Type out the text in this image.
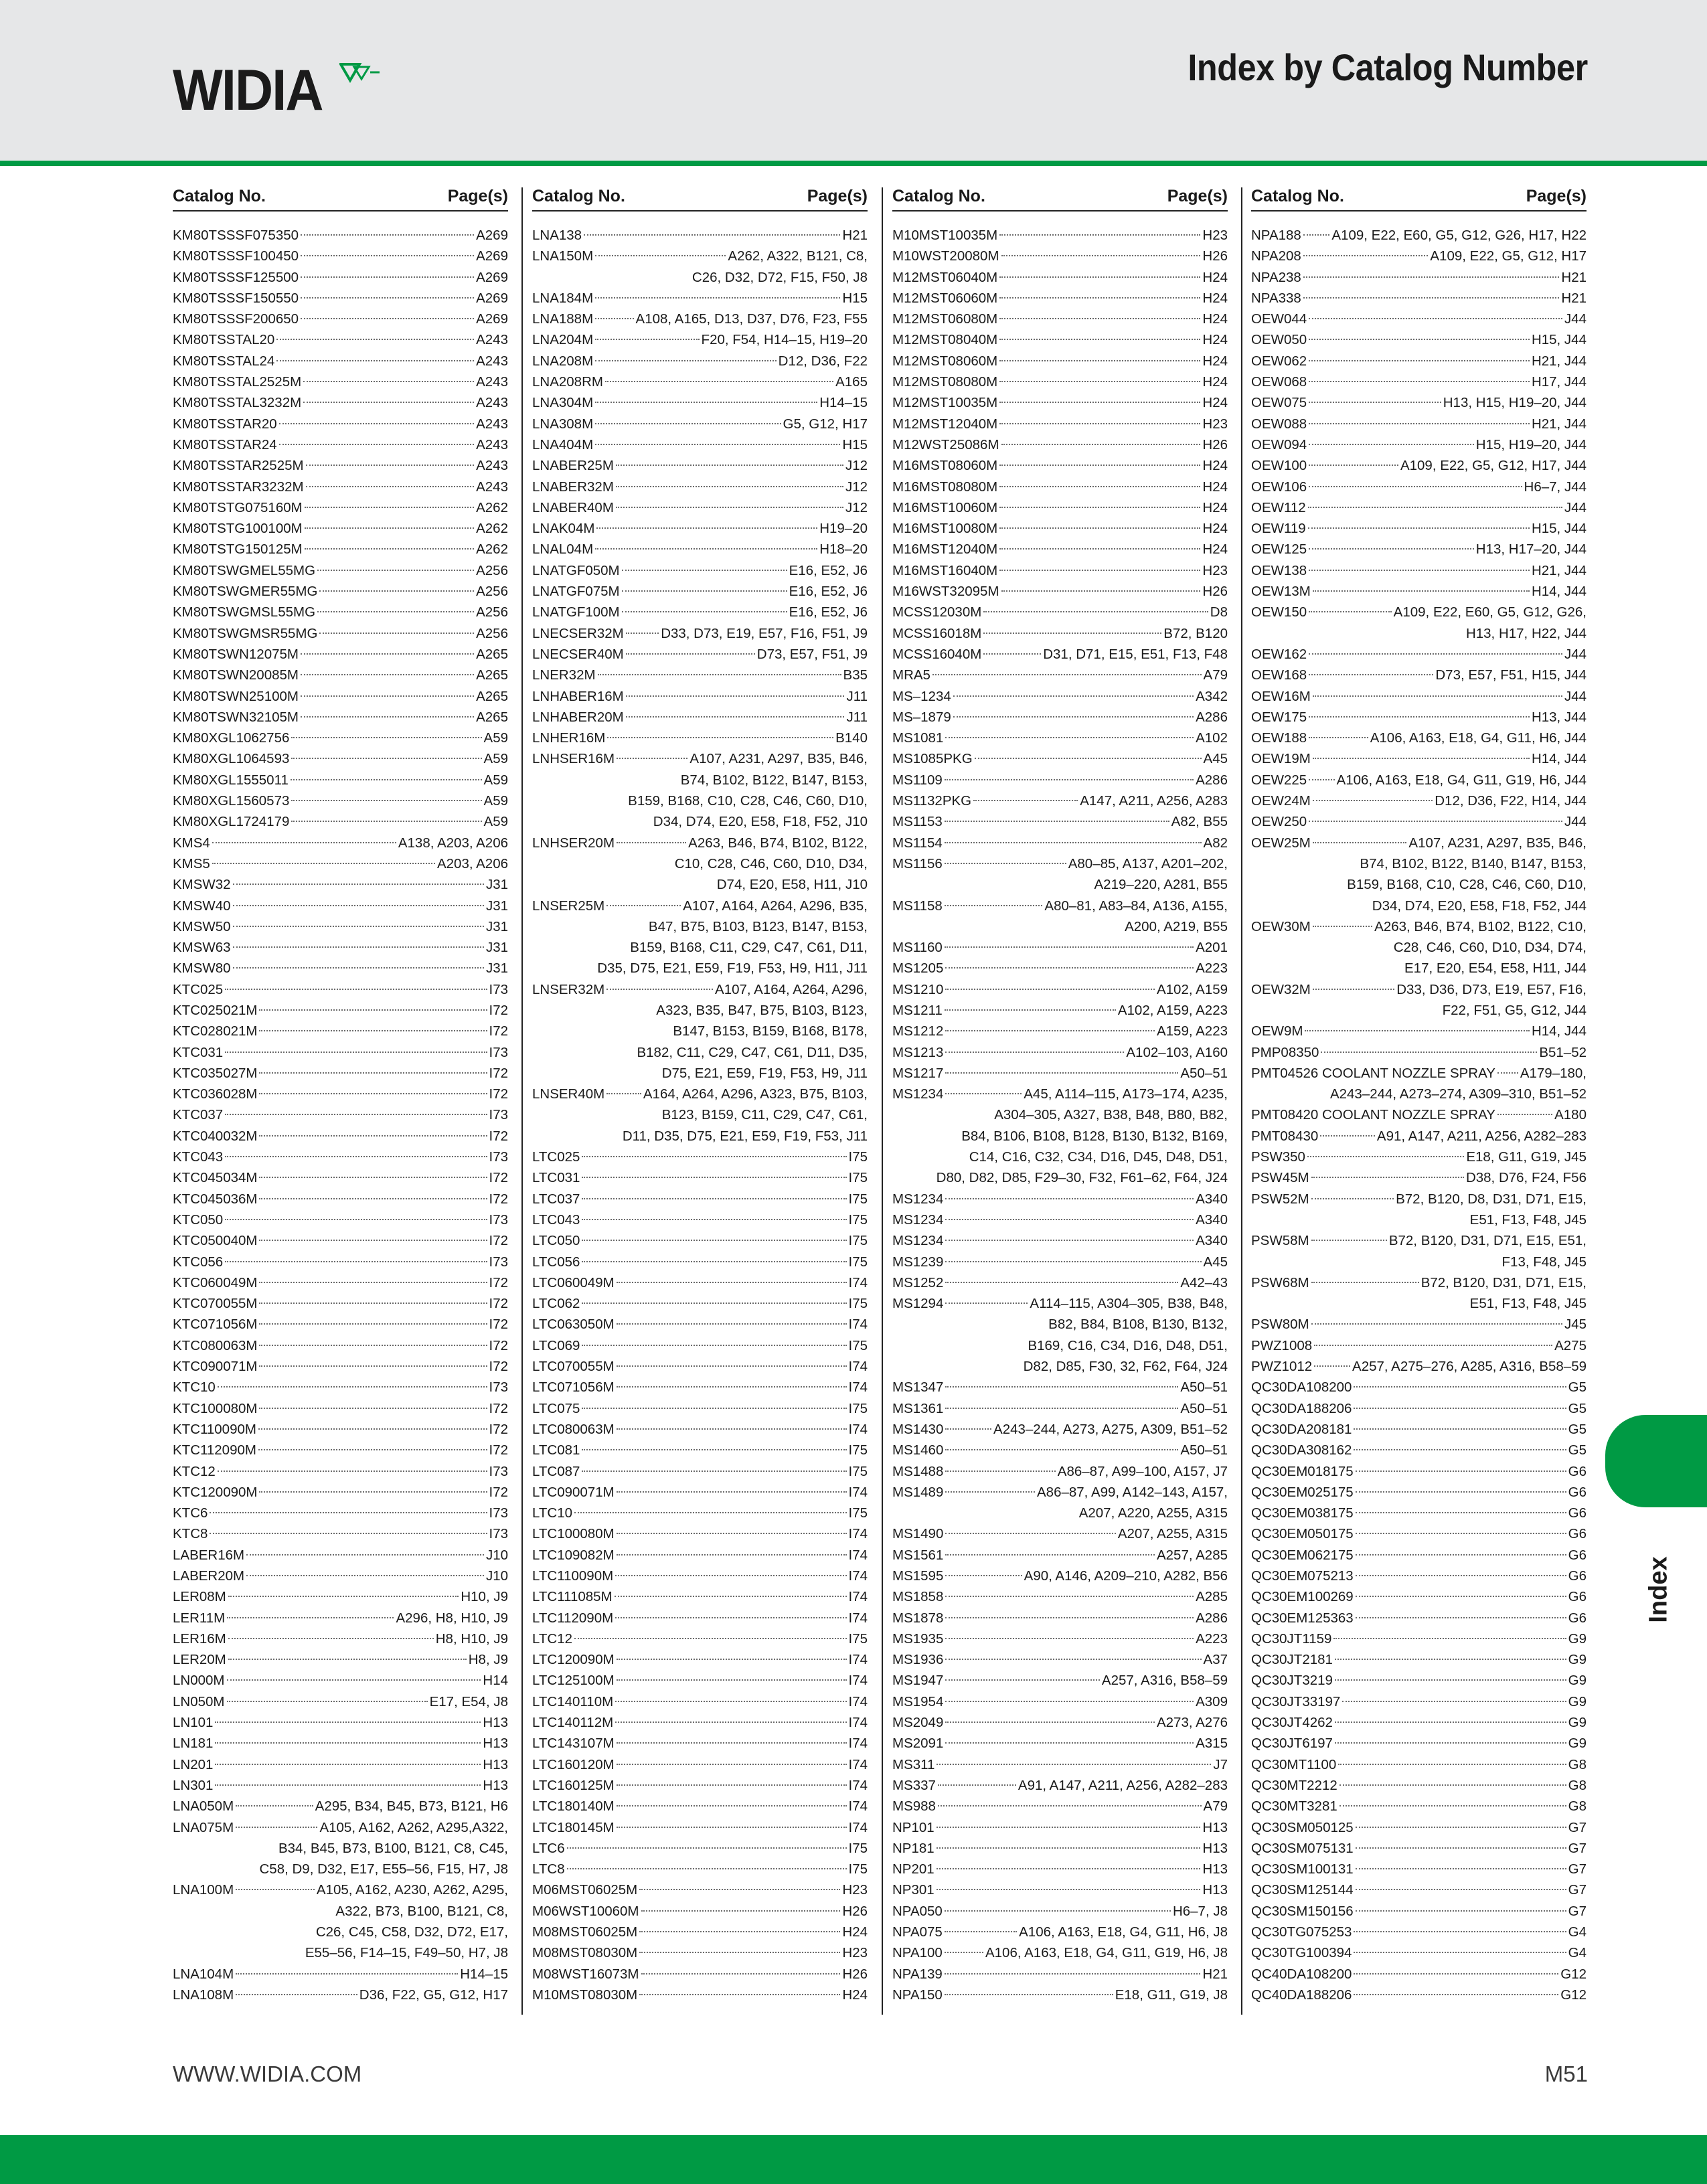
WIDIA	Index by Catalog Number
Catalog No.	Page(s)
KM80TSSSF075350	A269
KM80TSSSF100450	A269
KM80TSSSF125500	A269
KM80TSSSF150550	A269
KM80TSSSF200650	A269
KM80TSSTAL20	A243
KM80TSSTAL24	A243
KM80TSSTAL2525M	A243
KM80TSSTAL3232M	A243
KM80TSSTAR20	A243
KM80TSSTAR24	A243
KM80TSSTAR2525M	A243
KM80TSSTAR3232M	A243
KM80TSTG075160M	A262
KM80TSTG100100M	A262
KM80TSTG150125M	A262
KM80TSWGMEL55MG	A256
KM80TSWGMER55MG	A256
KM80TSWGMSL55MG	A256
KM80TSWGMSR55MG	A256
KM80TSWN12075M	A265
KM80TSWN20085M	A265
KM80TSWN25100M	A265
KM80TSWN32105M	A265
KM80XGL1062756	A59
KM80XGL1064593	A59
KM80XGL1555011	A59
KM80XGL1560573	A59
KM80XGL1724179	A59
KMS4	A138, A203, A206
KMS5	A203, A206
KMSW32	J31
KMSW40	J31
KMSW50	J31
KMSW63	J31
KMSW80	J31
KTC025	I73
KTC025021M	I72
KTC028021M	I72
KTC031	I73
KTC035027M	I72
KTC036028M	I72
KTC037	I73
KTC040032M	I72
KTC043	I73
KTC045034M	I72
KTC045036M	I72
KTC050	I73
KTC050040M	I72
KTC056	I73
KTC060049M	I72
KTC070055M	I72
KTC071056M	I72
KTC080063M	I72
KTC090071M	I72
KTC10	I73
KTC100080M	I72
KTC110090M	I72
KTC112090M	I72
KTC12	I73
KTC120090M	I72
KTC6	I73
KTC8	I73
LABER16M	J10
LABER20M	J10
LER08M	H10, J9
LER11M	A296, H8, H10, J9
LER16M	H8, H10, J9
LER20M	H8, J9
LN000M	H14
LN050M	E17, E54, J8
LN101	H13
LN181	H13
LN201	H13
LN301	H13
LNA050M	A295, B34, B45, B73, B121, H6
LNA075M	A105, A162, A262, A295,A322,
B34, B45, B73, B100, B121, C8, C45,
C58, D9, D32, E17, E55–56, F15, H7, J8
LNA100M	A105, A162, A230, A262, A295,
A322, B73, B100, B121, C8,
C26, C45, C58, D32, D72, E17,
E55–56, F14–15, F49–50, H7, J8
LNA104M	H14–15
LNA108M	D36, F22, G5, G12, H17
Catalog No.	Page(s)
LNA138	H21
LNA150M	A262, A322, B121, C8,
C26, D32, D72, F15, F50, J8
LNA184M	H15
LNA188M	A108, A165, D13, D37, D76, F23, F55
LNA204M	F20, F54, H14–15, H19–20
LNA208M	D12, D36, F22
LNA208RM	A165
LNA304M	H14–15
LNA308M	G5, G12, H17
LNA404M	H15
LNABER25M	J12
LNABER32M	J12
LNABER40M	J12
LNAK04M	H19–20
LNAL04M	H18–20
LNATGF050M	E16, E52, J6
LNATGF075M	E16, E52, J6
LNATGF100M	E16, E52, J6
LNECSER32M	D33, D73, E19, E57, F16, F51, J9
LNECSER40M	D73, E57, F51, J9
LNER32M	B35
LNHABER16M	J11
LNHABER20M	J11
LNHER16M	B140
LNHSER16M	A107, A231, A297, B35, B46,
B74, B102, B122, B147, B153,
B159, B168, C10, C28, C46, C60, D10,
D34, D74, E20, E58, F18, F52, J10
LNHSER20M	A263, B46, B74, B102, B122,
C10, C28, C46, C60, D10, D34,
D74, E20, E58, H11, J10
LNSER25M	A107, A164, A264, A296, B35,
B47, B75, B103, B123, B147, B153,
B159, B168, C11, C29, C47, C61, D11,
D35, D75, E21, E59, F19, F53, H9, H11, J11
LNSER32M	A107, A164, A264, A296,
A323, B35, B47, B75, B103, B123,
B147, B153, B159, B168, B178,
B182, C11, C29, C47, C61, D11, D35,
D75, E21, E59, F19, F53, H9, J11
LNSER40M	A164, A264, A296, A323, B75, B103,
B123, B159, C11, C29, C47, C61,
D11, D35, D75, E21, E59, F19, F53, J11
LTC025	I75
LTC031	I75
LTC037	I75
LTC043	I75
LTC050	I75
LTC056	I75
LTC060049M	I74
LTC062	I75
LTC063050M	I74
LTC069	I75
LTC070055M	I74
LTC071056M	I74
LTC075	I75
LTC080063M	I74
LTC081	I75
LTC087	I75
LTC090071M	I74
LTC10	I75
LTC100080M	I74
LTC109082M	I74
LTC110090M	I74
LTC111085M	I74
LTC112090M	I74
LTC12	I75
LTC120090M	I74
LTC125100M	I74
LTC140110M	I74
LTC140112M	I74
LTC143107M	I74
LTC160120M	I74
LTC160125M	I74
LTC180140M	I74
LTC180145M	I74
LTC6	I75
LTC8	I75
M06MST06025M	H23
M06WST10060M	H26
M08MST06025M	H24
M08MST08030M	H23
M08WST16073M	H26
M10MST08030M	H24
Catalog No.	Page(s)
M10MST10035M	H23
M10WST20080M	H26
M12MST06040M	H24
M12MST06060M	H24
M12MST06080M	H24
M12MST08040M	H24
M12MST08060M	H24
M12MST08080M	H24
M12MST10035M	H24
M12MST12040M	H23
M12WST25086M	H26
M16MST08060M	H24
M16MST08080M	H24
M16MST10060M	H24
M16MST10080M	H24
M16MST12040M	H24
M16MST16040M	H23
M16WST32095M	H26
MCSS12030M	D8
MCSS16018M	B72, B120
MCSS16040M	D31, D71, E15, E51, F13, F48
MRA5	A79
MS–1234	A342
MS–1879	A286
MS1081	A102
MS1085PKG	A45
MS1109	A286
MS1132PKG	A147, A211, A256, A283
MS1153	A82, B55
MS1154	A82
MS1156	A80–85, A137, A201–202,
A219–220, A281, B55
MS1158	A80–81, A83–84, A136, A155,
A200, A219, B55
MS1160	A201
MS1205	A223
MS1210	A102, A159
MS1211	A102, A159, A223
MS1212	A159, A223
MS1213	A102–103, A160
MS1217	A50–51
MS1234	A45, A114–115, A173–174, A235,
A304–305, A327, B38, B48, B80, B82,
B84, B106, B108, B128, B130, B132, B169,
C14, C16, C32, C34, D16, D45, D48, D51,
D80, D82, D85, F29–30, F32, F61–62, F64, J24
MS1234	A340
MS1234	A340
MS1234	A340
MS1239	A45
MS1252	A42–43
MS1294	A114–115, A304–305, B38, B48,
B82, B84, B108, B130, B132,
B169, C16, C34, D16, D48, D51,
D82, D85, F30, 32, F62, F64, J24
MS1347	A50–51
MS1361	A50–51
MS1430	A243–244, A273, A275, A309, B51–52
MS1460	A50–51
MS1488	A86–87, A99–100, A157, J7
MS1489	A86–87, A99, A142–143, A157,
A207, A220, A255, A315
MS1490	A207, A255, A315
MS1561	A257, A285
MS1595	A90, A146, A209–210, A282, B56
MS1858	A285
MS1878	A286
MS1935	A223
MS1936	A37
MS1947	A257, A316, B58–59
MS1954	A309
MS2049	A273, A276
MS2091	A315
MS311	J7
MS337	A91, A147, A211, A256, A282–283
MS988	A79
NP101	H13
NP181	H13
NP201	H13
NP301	H13
NPA050	H6–7, J8
NPA075	A106, A163, E18, G4, G11, H6, J8
NPA100	A106, A163, E18, G4, G11, G19, H6, J8
NPA139	H21
NPA150	E18, G11, G19, J8
Catalog No.	Page(s)
NPA188 A109, E22, E60, G5, G12, G26, H17, H22
NPA208	A109, E22, G5, G12, H17
NPA238	H21
NPA338	H21
OEW044	J44
OEW050	H15, J44
OEW062	H21, J44
OEW068	H17, J44
OEW075	H13, H15, H19–20, J44
OEW088	H21, J44
OEW094	H15, H19–20, J44
OEW100	A109, E22, G5, G12, H17, J44
OEW106	H6–7, J44
OEW112	J44
OEW119	H15, J44
OEW125	H13, H17–20, J44
OEW138	H21, J44
OEW13M	H14, J44
OEW150	A109, E22, E60, G5, G12, G26,
H13, H17, H22, J44
OEW162	J44
OEW168	D73, E57, F51, H15, J44
OEW16M	J44
OEW175	H13, J44
OEW188	A106, A163, E18, G4, G11, H6, J44
OEW19M	H14, J44
OEW225 A106, A163, E18, G4, G11, G19, H6, J44
OEW24M	D12, D36, F22, H14, J44
OEW250	J44
OEW25M	A107, A231, A297, B35, B46,
B74, B102, B122, B140, B147, B153,
B159, B168, C10, C28, C46, C60, D10,
D34, D74, E20, E58, F18, F52, J44
OEW30M	A263, B46, B74, B102, B122, C10,
C28, C46, C60, D10, D34, D74,
E17, E20, E54, E58, H11, J44
OEW32M	D33, D36, D73, E19, E57, F16,
F22, F51, G5, G12, J44
OEW9M	H14, J44
PMP08350	B51–52
PMT04526 COOLANT NOZZLE SPRAY A179–180,
A243–244, A273–274, A309–310, B51–52
PMT08420 COOLANT NOZZLE SPRAY	A180
PMT08430	A91, A147, A211, A256, A282–283
PSW350	E18, G11, G19, J45
PSW45M	D38, D76, F24, F56
PSW52M	B72, B120, D8, D31, D71, E15,
E51, F13, F48, J45
PSW58M	B72, B120, D31, D71, E15, E51,
F13, F48, J45
PSW68M	B72, B120, D31, D71, E15,
E51, F13, F48, J45
PSW80M	J45
PWZ1008	A275
PWZ1012	A257, A275–276, A285, A316, B58–59
QC30DA108200	G5
QC30DA188206	G5
QC30DA208181	G5
QC30DA308162	G5
QC30EM018175	G6
QC30EM025175	G6
QC30EM038175	G6
QC30EM050175	G6
QC30EM062175	G6
QC30EM075213	G6
QC30EM100269	G6
QC30EM125363	G6
QC30JT1159	G9
QC30JT2181	G9
QC30JT3219	G9
QC30JT33197	G9
QC30JT4262	G9
QC30JT6197	G9
QC30MT1100	G8
QC30MT2212	G8
QC30MT3281	G8
QC30SM050125	G7
QC30SM075131	G7
QC30SM100131	G7
QC30SM125144	G7
QC30SM150156	G7
QC30TG075253	G4
QC30TG100394	G4
QC40DA108200	G12
QC40DA188206	G12
Index
WWW.WIDIA.COM	M51
